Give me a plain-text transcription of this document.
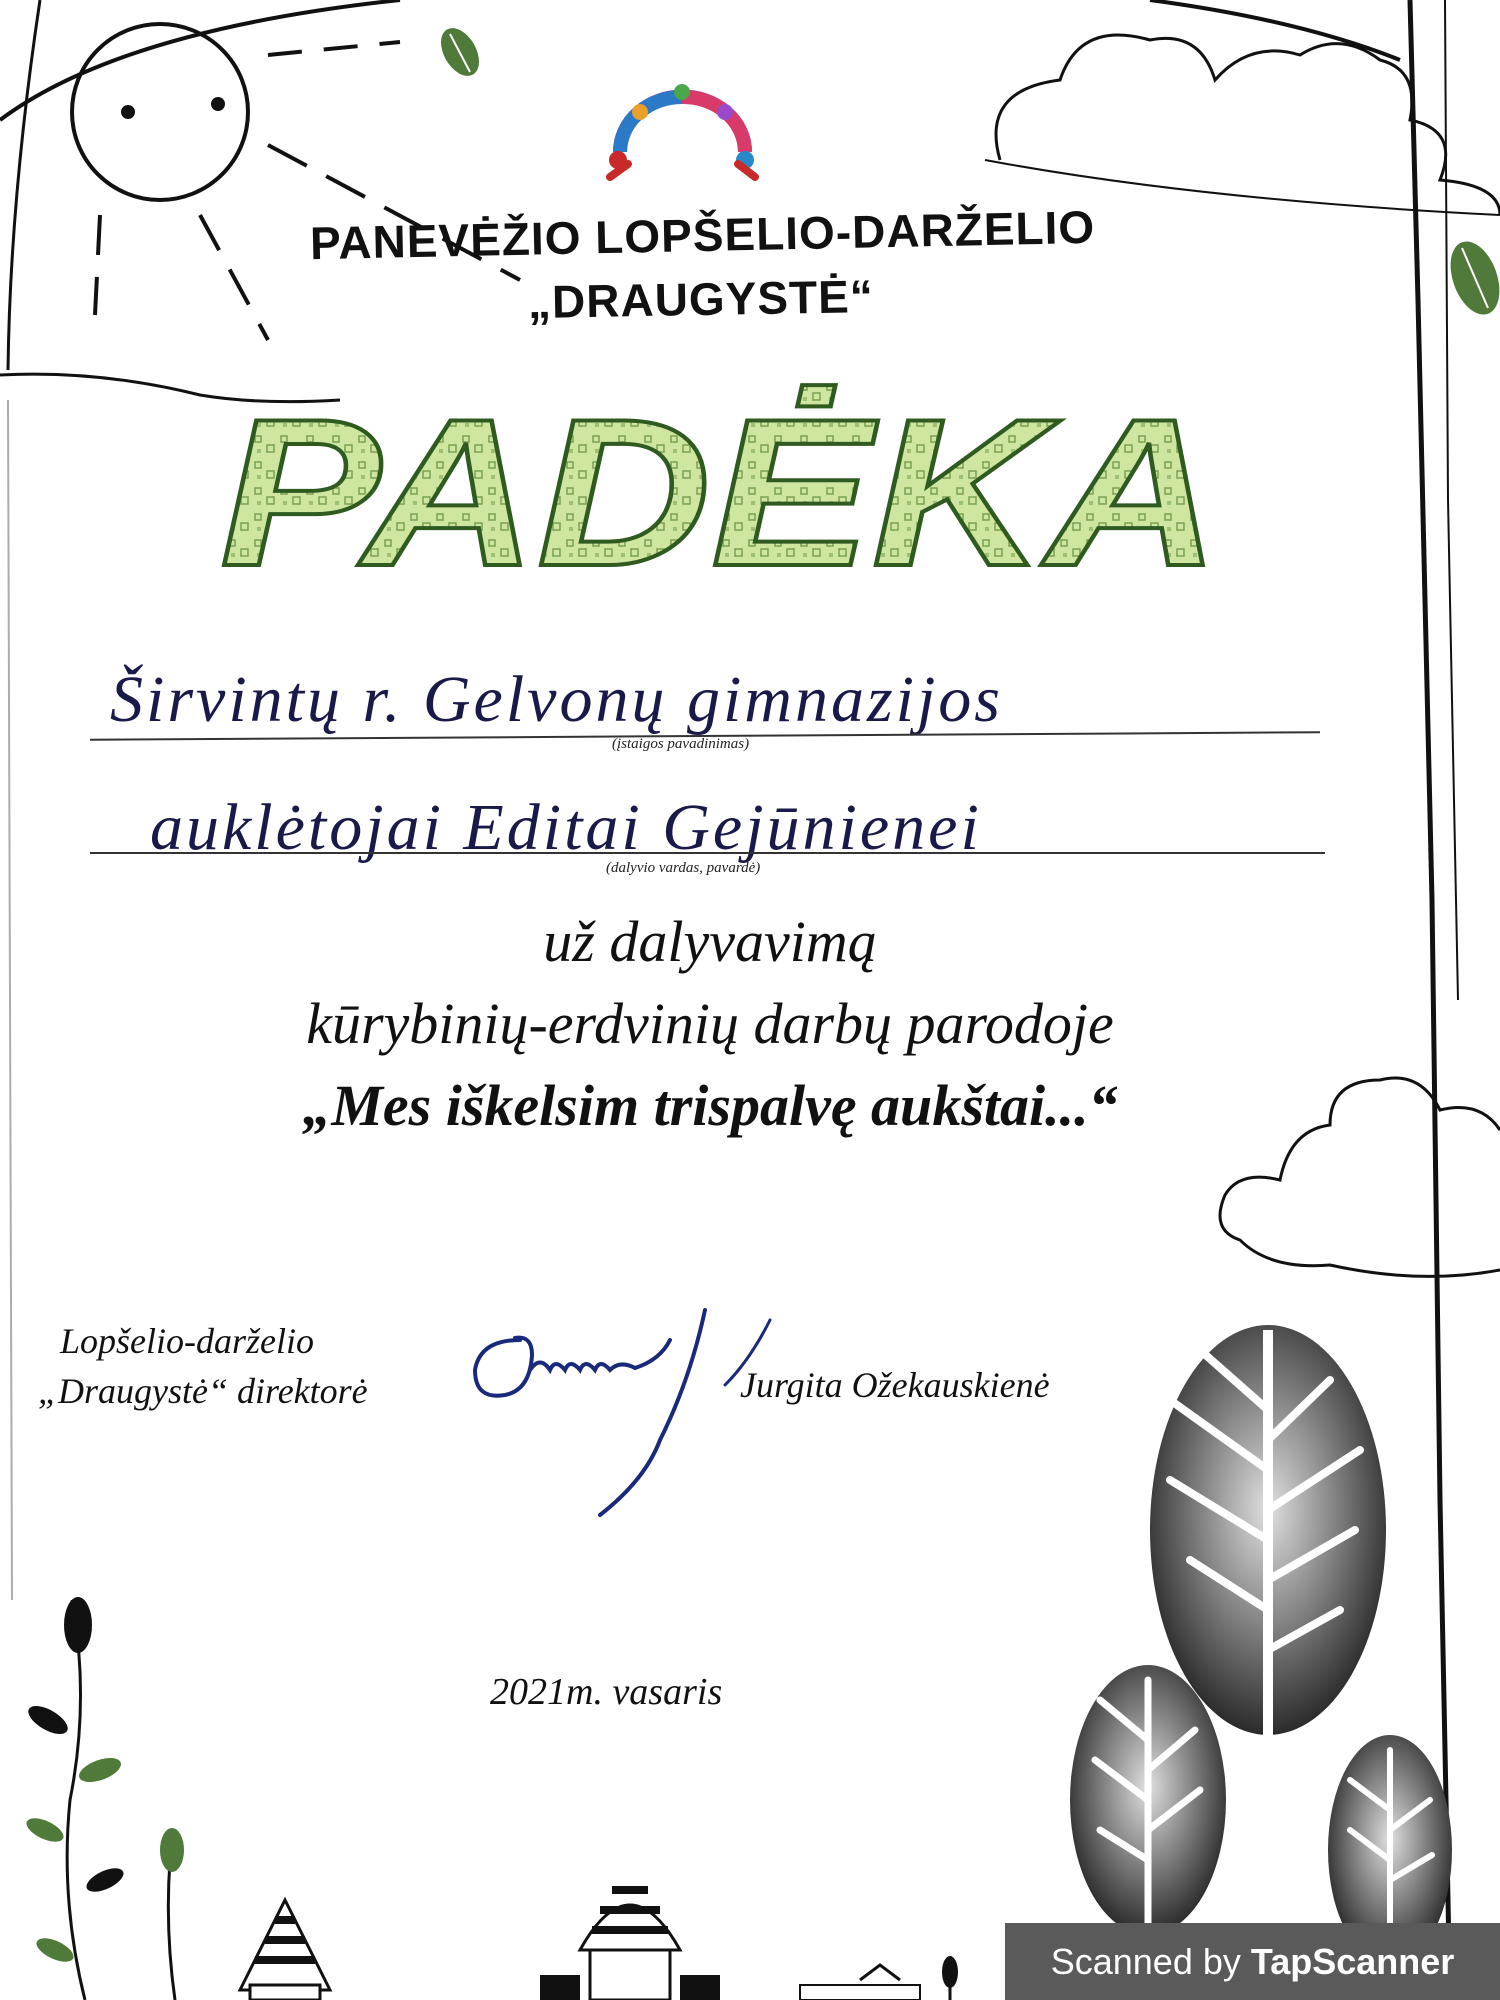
PANEVĖŽIO LOPŠELIO-DARŽELIO
„DRAUGYSTĖ“
PADĖKA
Širvintų r. Gelvonų gimnazijos
(įstaigos pavadinimas)
auklėtojai Editai Gejūnienei
(dalyvio vardas, pavardė)
už dalyvavimą
kūrybinių-erdvinių darbų parodoje
„Mes iškelsim trispalvę aukštai...“
Lopšelio-darželio
„Draugystė“ direktorė	Jurgita Ožekauskienė
2021m. vasaris
Scanned by TapScanner
